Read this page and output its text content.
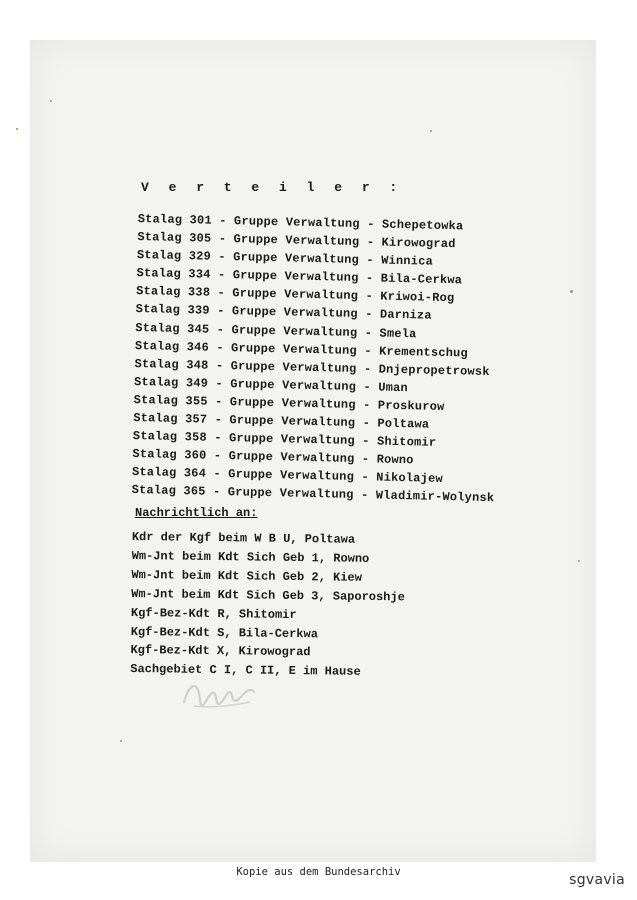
V e r t e i l e r :
Stalag 301 - Gruppe Verwaltung - Schepetowka
Stalag 305 - Gruppe Verwaltung - Kirowograd
Stalag 329 - Gruppe Verwaltung - Winnica
Stalag 334 - Gruppe Verwaltung - Bila-Cerkwa
Stalag 338 - Gruppe Verwaltung - Kriwoi-Rog
Stalag 339 - Gruppe Verwaltung - Darniza
Stalag 345 - Gruppe Verwaltung - Smela
Stalag 346 - Gruppe Verwaltung - Krementschug
Stalag 348 - Gruppe Verwaltung - Dnjepropetrowsk
Stalag 349 - Gruppe Verwaltung - Uman
Stalag 355 - Gruppe Verwaltung - Proskurow
Stalag 357 - Gruppe Verwaltung - Poltawa
Stalag 358 - Gruppe Verwaltung - Shitomir
Stalag 360 - Gruppe Verwaltung - Rowno
Stalag 364 - Gruppe Verwaltung - Nikolajew
Stalag 365 - Gruppe Verwaltung - Wladimir-Wolynsk
Nachrichtlich an:
Kdr der Kgf beim W B U, Poltawa
Wm-Jnt beim Kdt Sich Geb 1, Rowno
Wm-Jnt beim Kdt Sich Geb 2, Kiew
Wm-Jnt beim Kdt Sich Geb 3, Saporoshje
Kgf-Bez-Kdt R, Shitomir
Kgf-Bez-Kdt S, Bila-Cerkwa
Kgf-Bez-Kdt X, Kirowograd
Sachgebiet C I, C II, E im Hause
Kopie aus dem Bundesarchiv	sgvavia
